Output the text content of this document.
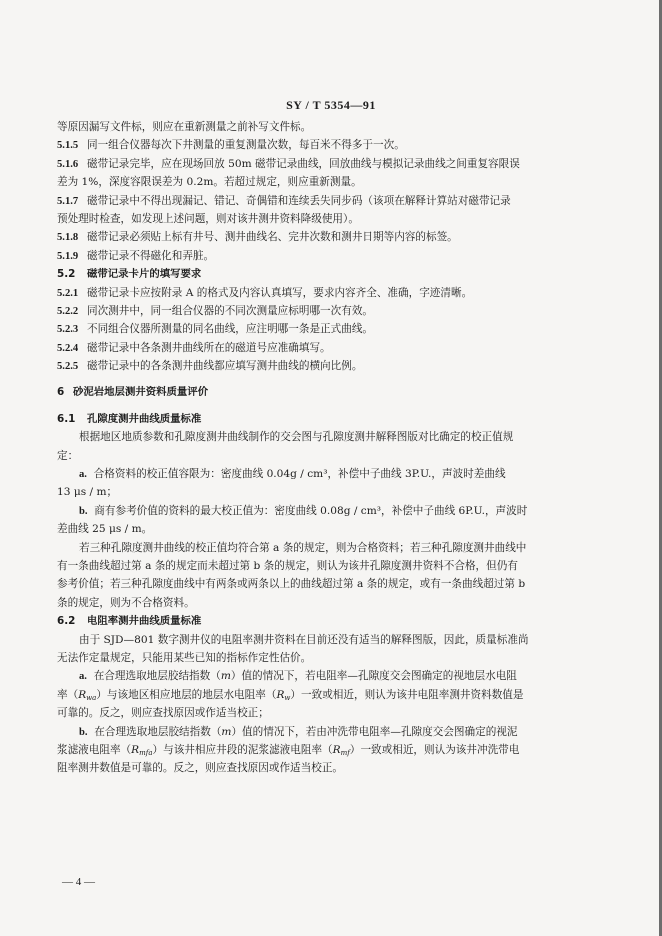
SY / T 5354—91
等原因漏写文件标，则应在重新测量之前补写文件标。
5.1.5 同一组合仪器每次下井测量的重复测量次数，每百米不得多于一次。
5.1.6 磁带记录完毕，应在现场回放 50m 磁带记录曲线，回放曲线与模拟记录曲线之间重复容限误
差为 1%，深度容限误差为 0.2m。若超过规定，则应重新测量。
5.1.7 磁带记录中不得出现漏记、错记、奇偶错和连续丢失同步码（该项在解释计算站对磁带记录
预处理时检查，如发现上述问题，则对该井测井资料降级使用）。
5.1.8 磁带记录必须贴上标有井号、测井曲线名、完井次数和测井日期等内容的标签。
5.1.9 磁带记录不得磁化和弄脏。
5.2 磁带记录卡片的填写要求
5.2.1 磁带记录卡应按附录 A 的格式及内容认真填写，要求内容齐全、准确，字迹清晰。
5.2.2 同次测井中，同一组合仪器的不同次测量应标明哪一次有效。
5.2.3 不同组合仪器所测量的同名曲线，应注明哪一条是正式曲线。
5.2.4 磁带记录中各条测井曲线所在的磁道号应准确填写。
5.2.5 磁带记录中的各条测井曲线都应填写测井曲线的横向比例。
6 砂泥岩地层测井资料质量评价
6.1 孔隙度测井曲线质量标准
根据地区地质参数和孔隙度测井曲线制作的交会图与孔隙度测井解释图版对比确定的校正值规
定：
a. 合格资料的校正值容限为：密度曲线 0.04g / cm³，补偿中子曲线 3P.U.，声波时差曲线
13 μs / m；
b. 商有参考价值的资料的最大校正值为：密度曲线 0.08g / cm³，补偿中子曲线 6P.U.，声波时
差曲线 25 μs / m。
若三种孔隙度测井曲线的校正值均符合第 a 条的规定，则为合格资料；若三种孔隙度测井曲线中
有一条曲线超过第 a 条的规定而未超过第 b 条的规定，则认为该井孔隙度测井资料不合格，但仍有
参考价值；若三种孔隙度曲线中有两条或两条以上的曲线超过第 a 条的规定，或有一条曲线超过第 b
条的规定，则为不合格资料。
6.2 电阻率测井曲线质量标准
由于 SJD—801 数字测井仪的电阻率测井资料在目前还没有适当的解释图版，因此，质量标准尚
无法作定量规定，只能用某些已知的指标作定性估价。
a. 在合理选取地层胶结指数（m）值的情况下，若电阻率—孔隙度交会图确定的视地层水电阻
率$(R_{wa})$与该地区相应地层的地层水电阻率$(R_w)$一致或相近，则认为该井电阻率测井资料数值是
可靠的。反之，则应查找原因或作适当校正；
b. 在合理选取地层胶结指数（m）值的情况下，若由冲洗带电阻率—孔隙度交会图确定的视泥
浆滤液电阻率$(R_{mfa})$与该井相应井段的泥浆滤液电阻率$(R_{mf})$一致或相近，则认为该井冲洗带电
阻率测井数值是可靠的。反之，则应查找原因或作适当校正。
— 4 —
